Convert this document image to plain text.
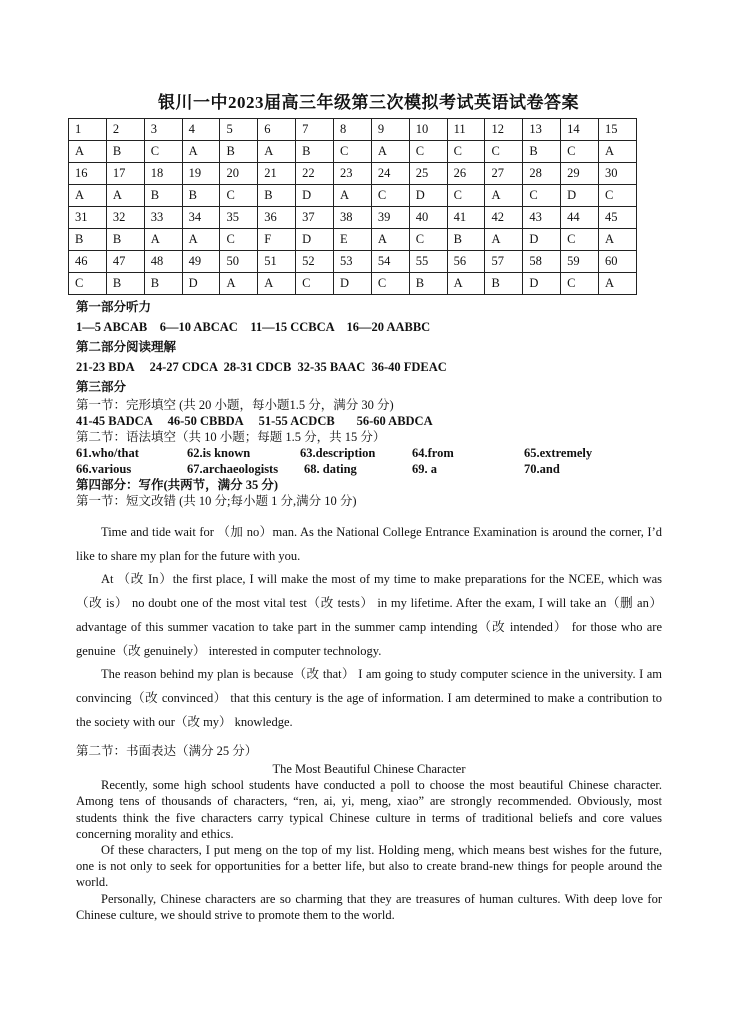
银川一中2023届高三年级第三次模拟考试英语试卷答案
1	2	3	4	5	6	7	8	9	10	11	12	13	14	15
A	B	C	A	B	A	B	C	A	C	C	C	B	C	A
16	17	18	19	20	21	22	23	24	25	26	27	28	29	30
A	A	B	B	C	B	D	A	C	D	C	A	C	D	C
31	32	33	34	35	36	37	38	39	40	41	42	43	44	45
B	B	A	A	C	F	D	E	A	C	B	A	D	C	A
46	47	48	49	50	51	52	53	54	55	56	57	58	59	60
C	B	B	D	A	A	C	D	C	B	A	B	D	C	A
第一部分听力
1—5 ABCAB    6—10 ABCAC    11—15 CCBCA    16—20 AABBC
第二部分阅读理解
21-23 BDA     24-27 CDCA  28-31 CDCB  32-35 BAAC  36-40 FDEAC
第三部分
第一节：完形填空 (共 20 小题，每小题1.5 分，满分 30 分)
41-45 BADCA     46-50 CBBDA     51-55 ACDCB       56-60 ABDCA
第二节：语法填空（共 10 小题；每题 1.5 分，共 15 分）
61.who/that	62.is known	63.description	64.from	65.extremely
66.various	67.archaeologists 68. dating	69. a	70.and
第四部分：写作(共两节，满分 35 分)
第一节：短文改错 (共 10 分;每小题 1 分,满分 10 分)

Time and tide wait for （加 no）man. As the National College Entrance Examination is around the corner, I’d like to share my plan for the future with you.

At （改 In）the first place, I will make the most of my time to make preparations for the NCEE, which was（改 is） no doubt one of the most vital test（改 tests） in my lifetime. After the exam, I will take an（删 an） advantage of this summer vacation to take part in the summer camp intending（改 intended） for those who are genuine（改 genuinely） interested in computer technology.

The reason behind my plan is because（改 that） I am going to study computer science in the university. I am convincing（改 convinced） that this century is the age of information. I am determined to make a contribution to the society with our（改 my） knowledge.

第二节：书面表达（满分 25 分）

The Most Beautiful Chinese Character

Recently, some high school students have conducted a poll to choose the most beautiful Chinese character. Among tens of thousands of characters, “ren, ai, yi, meng, xiao” are strongly recommended. Obviously, most students think the five characters carry typical Chinese culture in terms of traditional beliefs and core values concerning morality and ethics.

Of these characters, I put meng on the top of my list. Holding meng, which means best wishes for the future, one is not only to seek for opportunities for a better life, but also to create brand-new things for people around the world.

Personally, Chinese characters are so charming that they are treasures of human cultures. With deep love for Chinese culture, we should strive to promote them to the world.
